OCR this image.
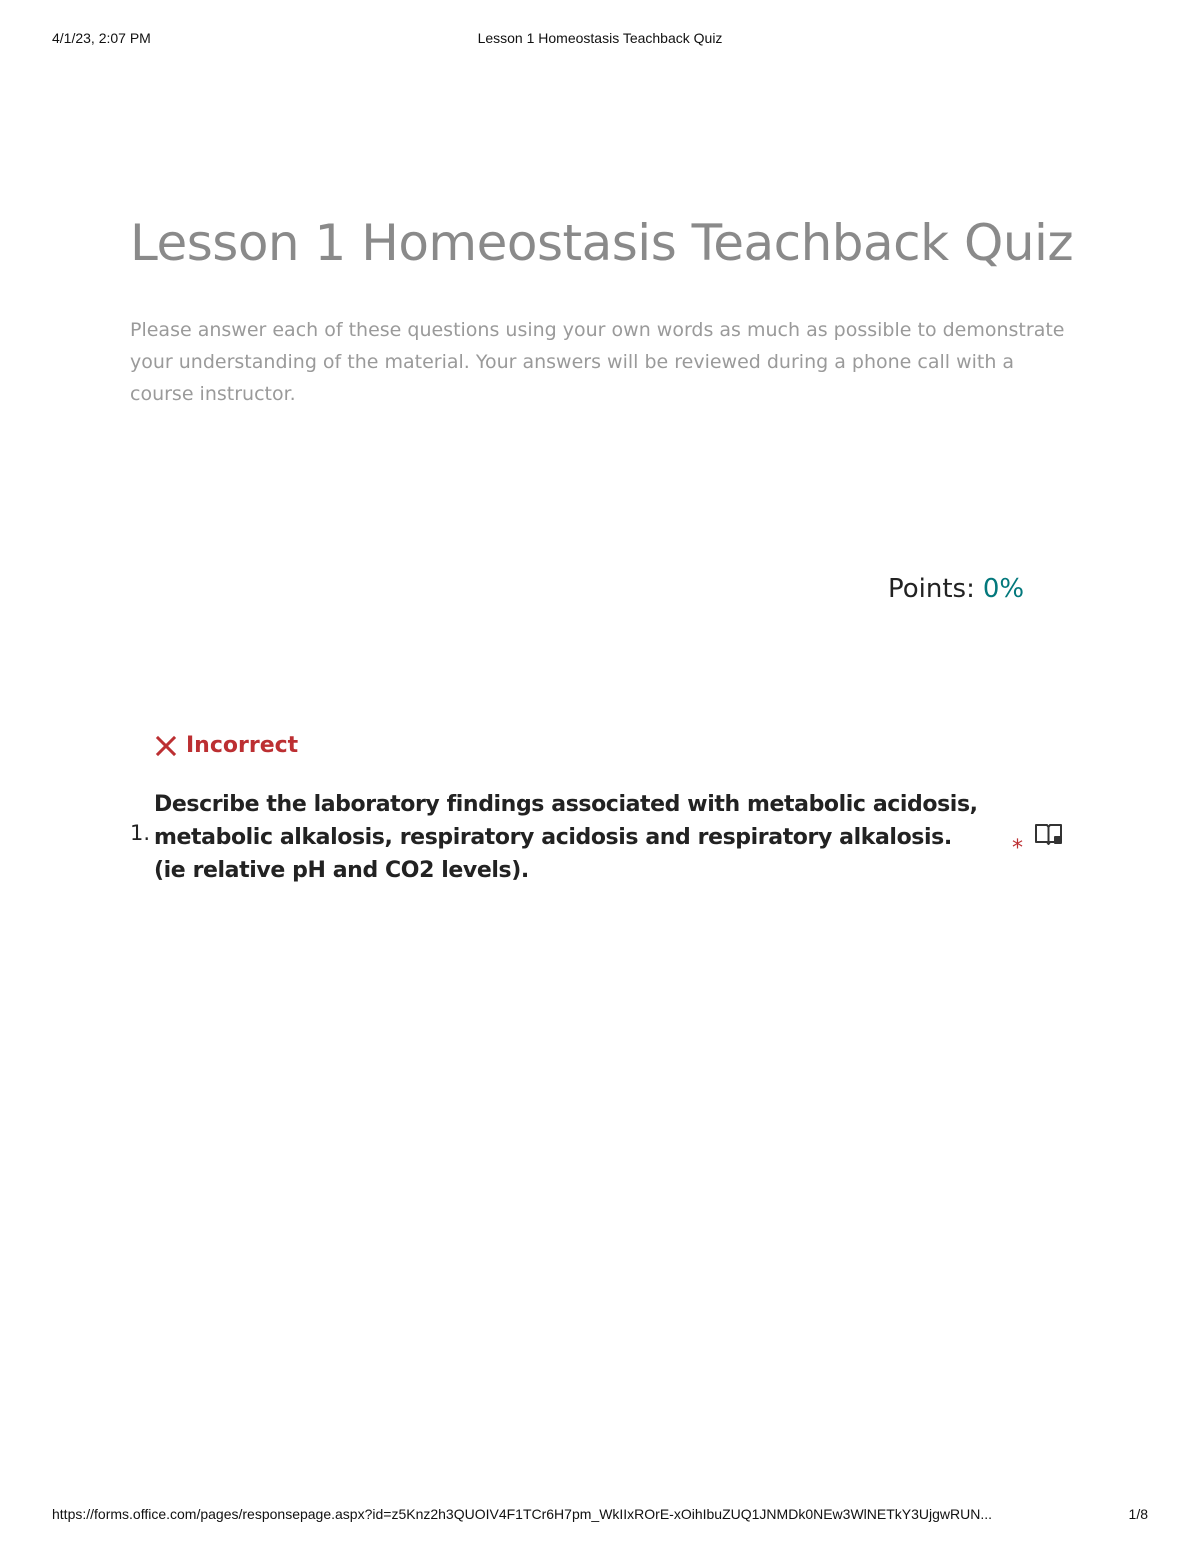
4/1/23, 2:07 PM	Lesson 1 Homeostasis Teachback Quiz
Lesson 1 Homeostasis Teachback Quiz

Please answer each of these questions using your own words as much as possible to demonstrate your understanding of the material. Your answers will be reviewed during a phone call with a course instructor.

Points: 0%
Incorrect
1.

Describe the laboratory findings associated with metabolic acidosis, metabolic alkalosis, respiratory acidosis and respiratory alkalosis. (ie relative pH and CO2 levels).

*
https://forms.office.com/pages/responsepage.aspx?id=z5Knz2h3QUOIV4F1TCr6H7pm_WkIIxROrE-xOihIbuZUQ1JNMDk0NEw3WlNETkY3UjgwRUN...	1/8
